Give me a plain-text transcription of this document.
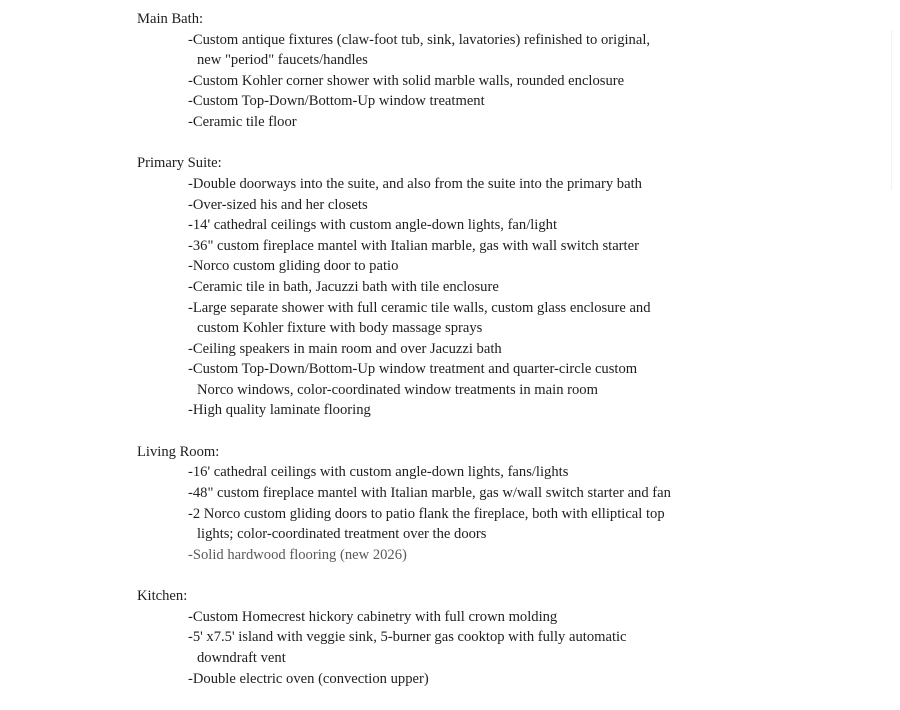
Main Bath:
-Custom antique fixtures (claw-foot tub, sink, lavatories) refinished to original,
new "period" faucets/handles
-Custom Kohler corner shower with solid marble walls, rounded enclosure
-Custom Top-Down/Bottom-Up window treatment
-Ceramic tile floor
Primary Suite:
-Double doorways into the suite, and also from the suite into the primary bath
-Over-sized his and her closets
-14' cathedral ceilings with custom angle-down lights, fan/light
-36" custom fireplace mantel with Italian marble, gas with wall switch starter
-Norco custom gliding door to patio
-Ceramic tile in bath, Jacuzzi bath with tile enclosure
-Large separate shower with full ceramic tile walls, custom glass enclosure and
custom Kohler fixture with body massage sprays
-Ceiling speakers in main room and over Jacuzzi bath
-Custom Top-Down/Bottom-Up window treatment and quarter-circle custom
Norco windows, color-coordinated window treatments in main room
-High quality laminate flooring
Living Room:
-16' cathedral ceilings with custom angle-down lights, fans/lights
-48" custom fireplace mantel with Italian marble, gas w/wall switch starter and fan
-2 Norco custom gliding doors to patio flank the fireplace, both with elliptical top
lights; color-coordinated treatment over the doors
-Solid hardwood flooring (new 2026)
Kitchen:
-Custom Homecrest hickory cabinetry with full crown molding
-5' x7.5' island with veggie sink, 5-burner gas cooktop with fully automatic
downdraft vent
-Double electric oven (convection upper)
